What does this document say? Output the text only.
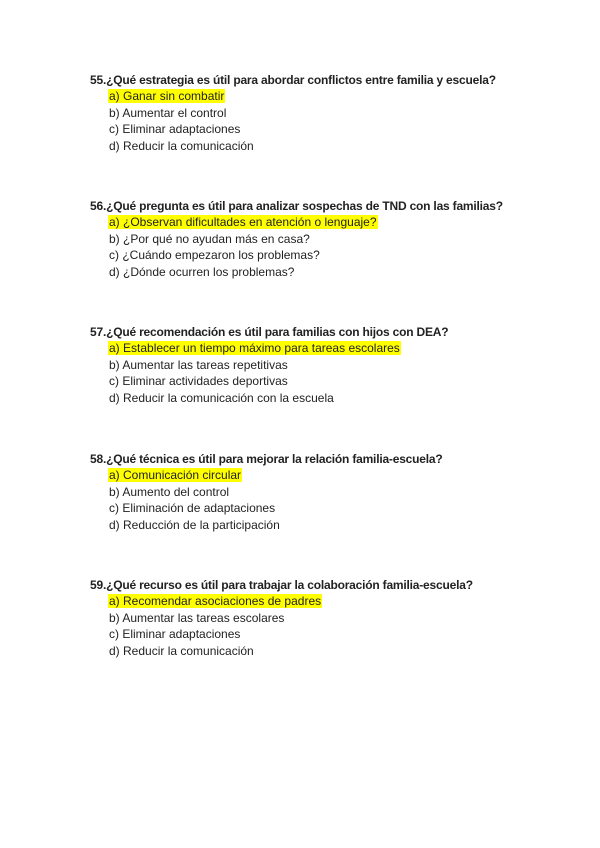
55.¿Qué estrategia es útil para abordar conflictos entre familia y escuela?
a) Ganar sin combatir
b) Aumentar el control
c) Eliminar adaptaciones
d) Reducir la comunicación
56.¿Qué pregunta es útil para analizar sospechas de TND con las familias?
a) ¿Observan dificultades en atención o lenguaje?
b) ¿Por qué no ayudan más en casa?
c) ¿Cuándo empezaron los problemas?
d) ¿Dónde ocurren los problemas?
57.¿Qué recomendación es útil para familias con hijos con DEA?
a) Establecer un tiempo máximo para tareas escolares
b) Aumentar las tareas repetitivas
c) Eliminar actividades deportivas
d) Reducir la comunicación con la escuela
58.¿Qué técnica es útil para mejorar la relación familia-escuela?
a) Comunicación circular
b) Aumento del control
c) Eliminación de adaptaciones
d) Reducción de la participación
59.¿Qué recurso es útil para trabajar la colaboración familia-escuela?
a) Recomendar asociaciones de padres
b) Aumentar las tareas escolares
c) Eliminar adaptaciones
d) Reducir la comunicación
